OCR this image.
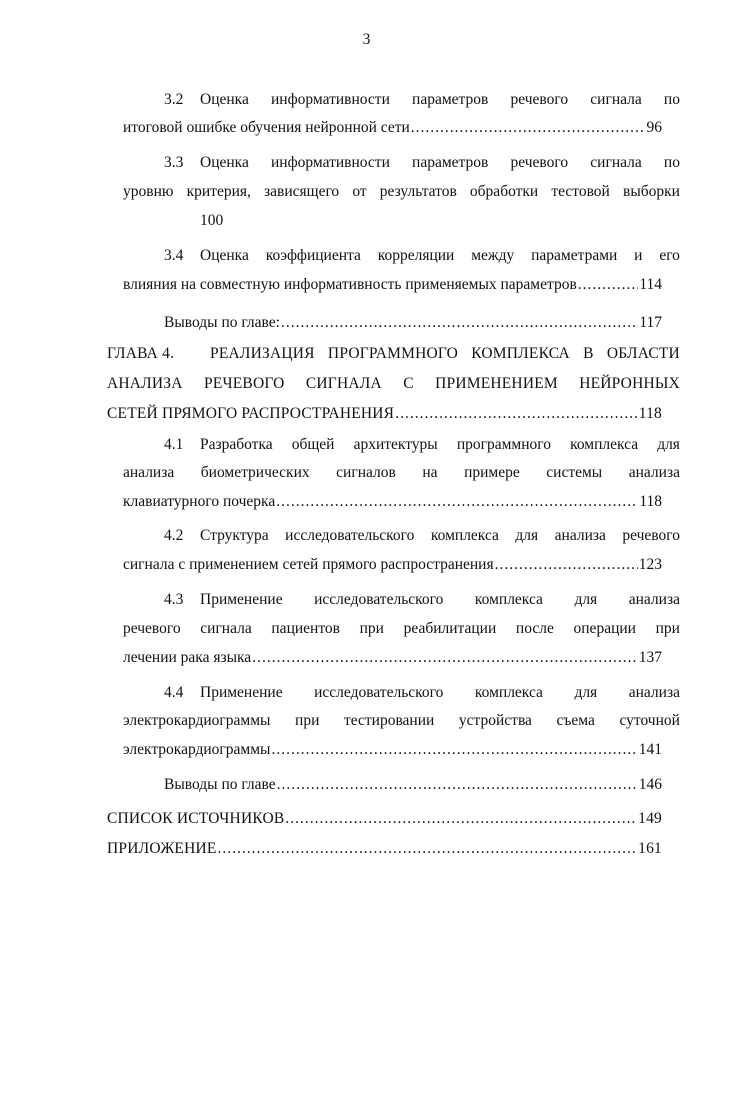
3
3.2 Оценка информативности параметров речевого сигнала по
итоговой ошибке обучения нейронной сети .....	96
3.3 Оценка информативности параметров речевого сигнала по
уровню критерия, зависящего от результатов обработки тестовой выборки
100
3.4 Оценка коэффициента корреляции между параметрами и его
влияния на совместную информативность применяемых параметров .....	114
Выводы по главе: .....	117
ГЛАВА 4. РЕАЛИЗАЦИЯ ПРОГРАММНОГО КОМПЛЕКСА В ОБЛАСТИ
АНАЛИЗА РЕЧЕВОГО СИГНАЛА С ПРИМЕНЕНИЕМ НЕЙРОННЫХ
СЕТЕЙ ПРЯМОГО РАСПРОСТРАНЕНИЯ .....	118
4.1 Разработка общей архитектуры программного комплекса для
анализа биометрических сигналов на примере системы анализа
клавиатурного почерка .....	118
4.2 Структура исследовательского комплекса для анализа речевого
сигнала с применением сетей прямого распространения .....	123
4.3 Применение исследовательского комплекса для анализа
речевого сигнала пациентов при реабилитации после операции при
лечении рака языка .....	137
4.4 Применение исследовательского комплекса для анализа
электрокардиограммы при тестировании устройства съема суточной
электрокардиограммы .....	141
Выводы по главе .....	146
СПИСОК ИСТОЧНИКОВ .....	149
ПРИЛОЖЕНИЕ .....	161
